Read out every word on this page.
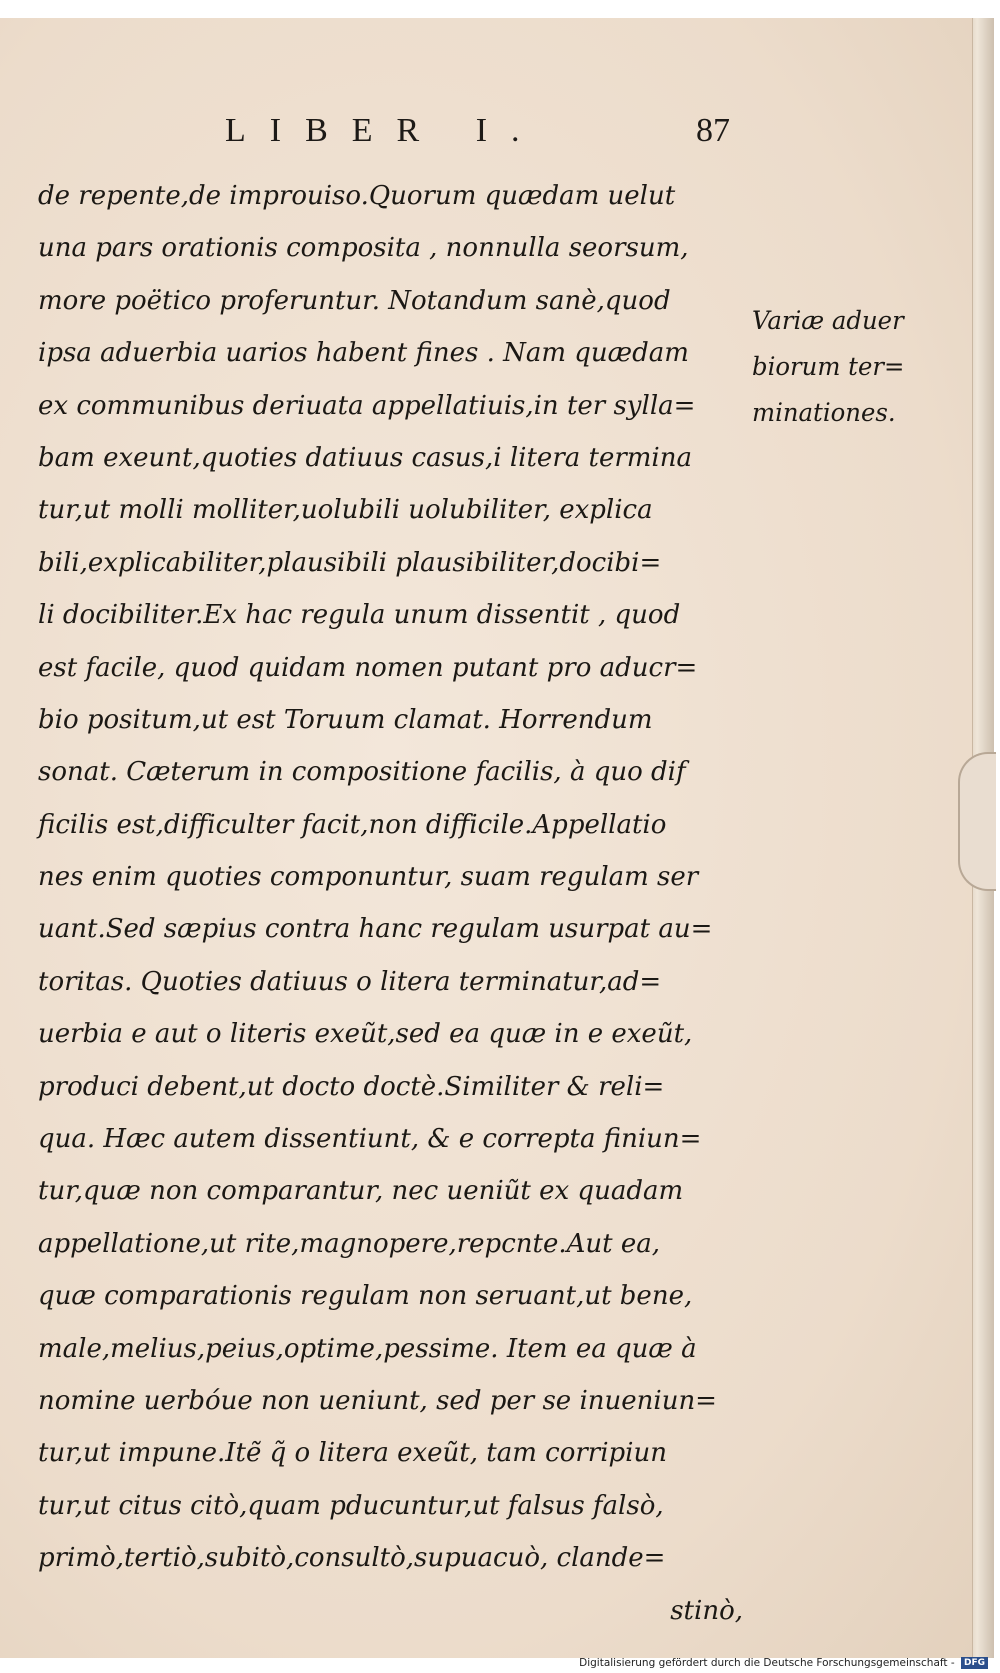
LIBER I.	87
de repente,de improuiso.Quorum quædam uelut
una pars orationis composita , nonnulla seorsum,
more poëtico proferuntur. Notandum sanè,quod
ipsa aduerbia uarios habent fines . Nam quædam
ex communibus deriuata appellatiuis,in ter sylla=
bam exeunt,quoties datiuus casus,i litera termina
tur,ut molli molliter,uolubili uolubiliter, explica
bili,explicabiliter,plausibili plausibiliter,docibi=
li docibiliter.Ex hac regula unum dissentit , quod
est facile, quod quidam nomen putant pro aducr=
bio positum,ut est Toruum clamat. Horrendum
sonat. Cæterum in compositione facilis, à quo dif
ficilis est,difficulter facit,non difficile.Appellatio
nes enim quoties componuntur, suam regulam ser
uant.Sed sæpius contra hanc regulam usurpat au=
toritas. Quoties datiuus o litera terminatur,ad=
uerbia e aut o literis exeũt,sed ea quæ in e exeũt,
produci debent,ut docto doctè.Similiter & reli=
qua. Hæc autem dissentiunt, & e correpta finiun=
tur,quæ non comparantur, nec ueniũt ex quadam
appellatione,ut rite,magnopere,repcnte.Aut ea,
quæ comparationis regulam non seruant,ut bene,
male,melius,peius,optime,pessime. Item ea quæ à
nomine uerbóue non ueniunt, sed per se inueniun=
tur,ut impune.Itẽ q̃ o litera exeũt, tam corripiun
tur,ut citus citò,quam pducuntur,ut falsus falsò,
primò,tertiò,subitò,consultò,supuacuò, clande=
stinò,
Variæ aduer
biorum ter=
minationes.
Digitalisierung gefördert durch die Deutsche Forschungsgemeinschaft - DFG
